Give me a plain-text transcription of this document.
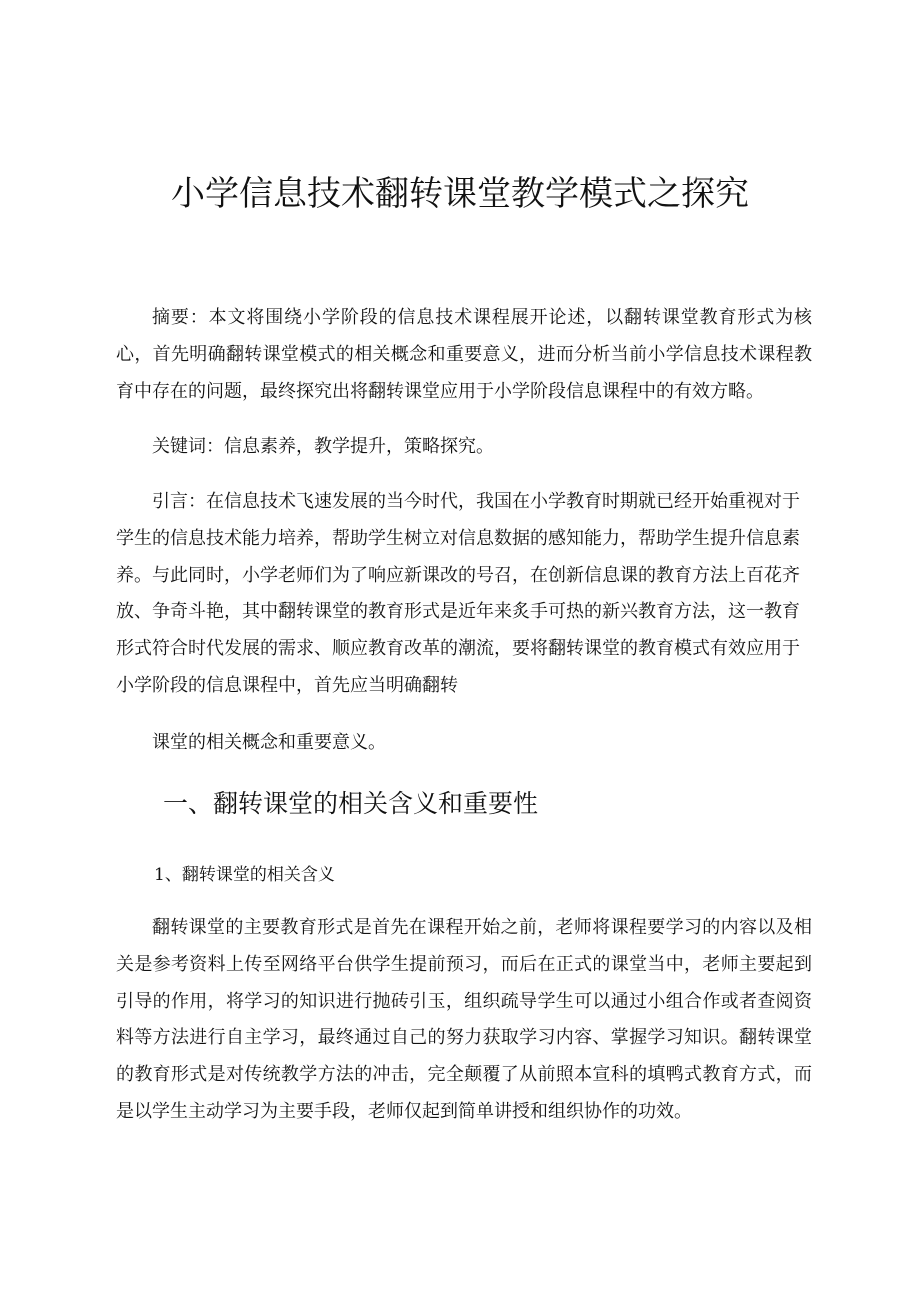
小学信息技术翻转课堂教学模式之探究

摘要：本文将围绕小学阶段的信息技术课程展开论述，以翻转课堂教育形式为核心，首先明确翻转课堂模式的相关概念和重要意义，进而分析当前小学信息技术课程教育中存在的问题，最终探究出将翻转课堂应用于小学阶段信息课程中的有效方略。

关键词：信息素养，教学提升，策略探究。

引言：在信息技术飞速发展的当今时代，我国在小学教育时期就已经开始重视对于学生的信息技术能力培养，帮助学生树立对信息数据的感知能力，帮助学生提升信息素养。与此同时，小学老师们为了响应新课改的号召，在创新信息课的教育方法上百花齐放、争奇斗艳，其中翻转课堂的教育形式是近年来炙手可热的新兴教育方法，这一教育形式符合时代发展的需求、顺应教育改革的潮流，要将翻转课堂的教育模式有效应用于小学阶段的信息课程中，首先应当明确翻转

课堂的相关概念和重要意义。

一、翻转课堂的相关含义和重要性
1、翻转课堂的相关含义

翻转课堂的主要教育形式是首先在课程开始之前，老师将课程要学习的内容以及相关是参考资料上传至网络平台供学生提前预习，而后在正式的课堂当中，老师主要起到引导的作用，将学习的知识进行抛砖引玉，组织疏导学生可以通过小组合作或者查阅资料等方法进行自主学习，最终通过自己的努力获取学习内容、掌握学习知识。翻转课堂的教育形式是对传统教学方法的冲击，完全颠覆了从前照本宣科的填鸭式教育方式，而是以学生主动学习为主要手段，老师仅起到简单讲授和组织协作的功效。
